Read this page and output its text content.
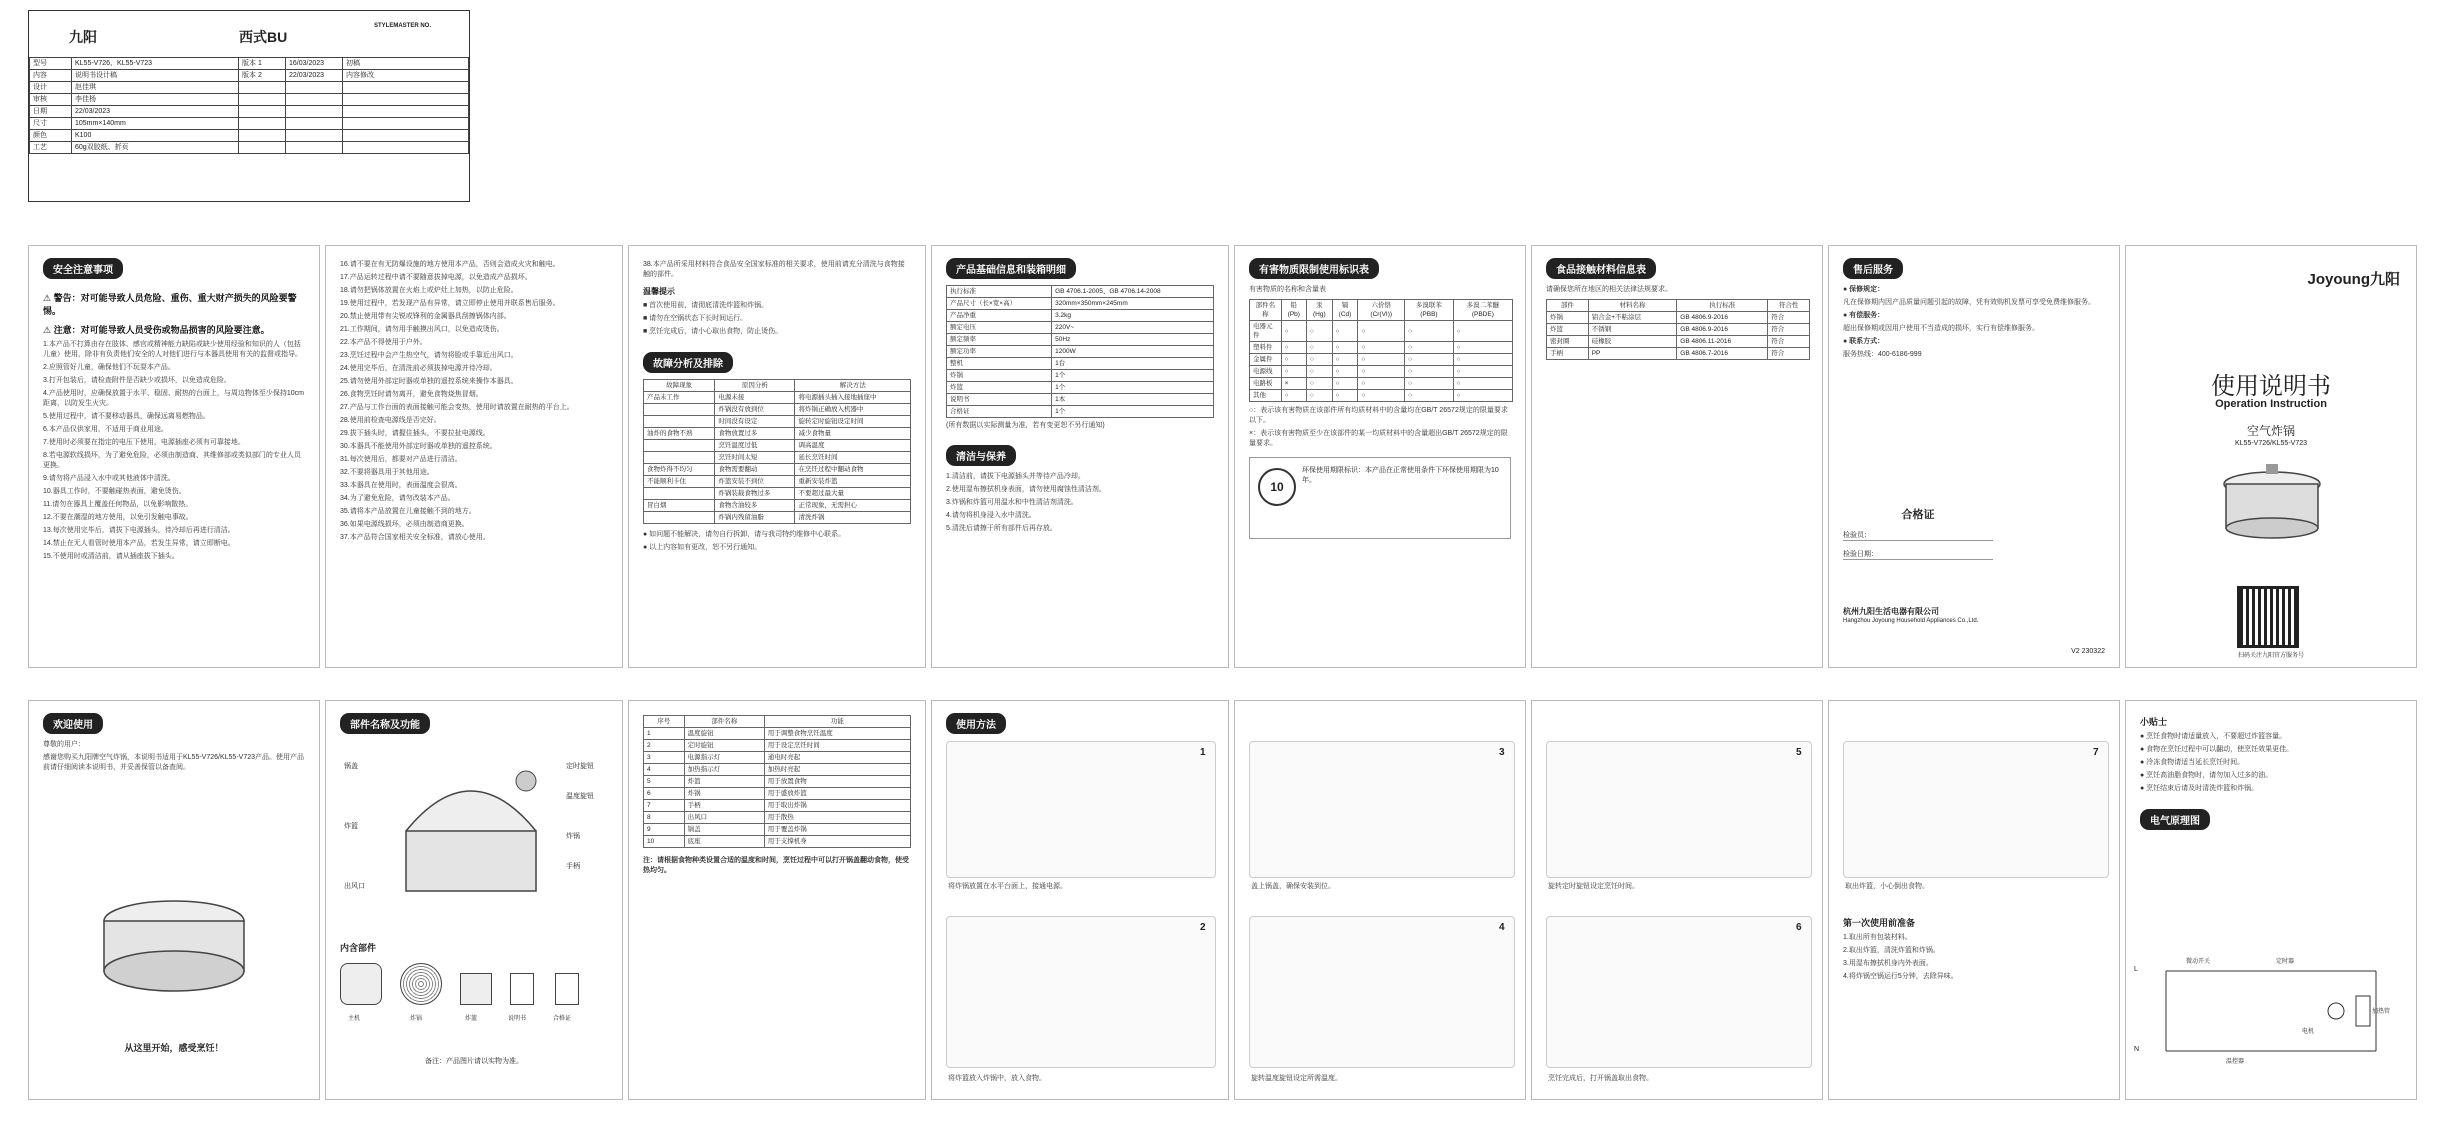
九阳	西式BU
STYLEMASTER NO.
型号	KL55-V726、KL55-V723	版本 1	16/03/2023	初稿
内容	说明书设计稿	版本 2	22/03/2023	内容修改
设计	赵佳琪			
审核	李佳杨			
日期	22/03/2023			
尺寸	105mm×140mm			
颜色	K100			
工艺	60g双胶纸、折页			
安全注意事项
⚠ 警告：对可能导致人员危险、重伤、重大财产损失的风险要警惕。
⚠ 注意：对可能导致人员受伤或物品损害的风险要注意。

1.本产品不打算由存在肢体、感官或精神能力缺陷或缺少使用经验和知识的人（包括儿童）使用，除非有负责他们安全的人对他们进行与本器具使用有关的监督或指导。

2.应照管好儿童，确保他们不玩耍本产品。

3.打开包装后，请检查附件是否缺少或损坏，以免造成危险。

4.产品使用时，应确保放置于水平、稳固、耐热的台面上，与周边物体至少保持10cm距离，以防发生火灾。

5.使用过程中，请不要移动器具，确保远离易燃物品。

6.本产品仅供家用，不适用于商业用途。

7.使用时必须要在指定的电压下使用，电源插座必须有可靠接地。

8.若电源软线损坏，为了避免危险，必须由制造商、其维修部或类似部门的专业人员更换。

9.请勿将产品浸入水中或其他液体中清洗。

10.器具工作时，不要触碰热表面，避免烫伤。

11.请勿在器具上覆盖任何物品，以免影响散热。

12.不要在潮湿的地方使用，以免引发触电事故。

13.每次使用完毕后，请拔下电源插头，待冷却后再进行清洁。

14.禁止在无人看管时使用本产品，若发生异常，请立即断电。

15.不使用时或清洁前，请从插座拔下插头。

16.请不要在有无防爆设施的地方使用本产品，否则会造成火灾和触电。

17.产品运转过程中请不要随意拔掉电源，以免造成产品损坏。

18.请勿把锅体放置在火焰上或炉灶上加热，以防止危险。

19.使用过程中，若发现产品有异常，请立即停止使用并联系售后服务。

20.禁止使用带有尖锐或锋利的金属器具刮擦锅体内部。

21.工作期间，请勿用手触摸出风口，以免造成烫伤。

22.本产品不得使用于户外。

23.烹饪过程中会产生热空气，请勿将脸或手靠近出风口。

24.使用完毕后，在清洗前必须拔掉电源并待冷却。

25.请勿使用外部定时器或单独的遥控系统来操作本器具。

26.食物烹饪时请勿离开，避免食物烧焦冒烟。

27.产品与工作台面的表面接触可能会变热，使用时请放置在耐热的平台上。

28.使用前检查电源线是否完好。

29.拔下插头时，请握住插头，不要拉扯电源线。

30.本器具不能使用外部定时器或单独的遥控系统。

31.每次使用后，都要对产品进行清洁。

32.不要将器具用于其他用途。

33.本器具在使用时，表面温度会很高。

34.为了避免危险，请勿改装本产品。

35.请将本产品放置在儿童接触不到的地方。

36.如果电源线损坏，必须由制造商更换。

37.本产品符合国家相关安全标准，请放心使用。

38.本产品所采用材料符合食品安全国家标准的相关要求，使用前请充分清洗与食物接触的部件。
温馨提示

■ 首次使用前，请彻底清洗炸篮和炸锅。

■ 请勿在空锅状态下长时间运行。

■ 烹饪完成后，请小心取出食物，防止烫伤。

故障分析及排除
故障现象	原因分析	解决方法
产品未工作	电源未接	将电源插头插入接地插座中
	炸锅没有放到位	将炸锅正确放入机器中
	时间没有设定	旋转定时旋钮设定时间
油炸的食物不熟	食物放置过多	减少食物量
	烹饪温度过低	调高温度
	烹饪时间太短	延长烹饪时间
食物炸得不均匀	食物需要翻动	在烹饪过程中翻动食物
不能顺利卡住	炸篮安装不到位	重新安装炸篮
	炸锅装载食物过多	不要超过最大量
冒白烟	食物含油较多	正常现象，无需担心
	炸锅内残留油脂	清洗炸锅

● 如问题不能解决，请勿自行拆卸，请与我司特约维修中心联系。

● 以上内容如有更改，恕不另行通知。

产品基础信息和装箱明细
执行标准	GB 4706.1-2005、GB 4706.14-2008
产品尺寸（长×宽×高）	320mm×350mm×245mm
产品净重	3.2kg
额定电压	220V~
额定频率	50Hz
额定功率	1200W
整机	1台
炸锅	1个
炸篮	1个
说明书	1本
合格证	1个
(所有数据以实际测量为准，若有变更恕不另行通知)
清洁与保养

1.清洁前，请拔下电源插头并等待产品冷却。

2.使用湿布擦拭机身表面，请勿使用腐蚀性清洁剂。

3.炸锅和炸篮可用温水和中性清洁剂清洗。

4.请勿将机身浸入水中清洗。

5.清洗后请擦干所有部件后再存放。

有害物质限制使用标识表
有害物质的名称和含量表
部件名称	铅(Pb)	汞(Hg)	镉(Cd)	六价铬(Cr(VI))	多溴联苯(PBB)	多溴二苯醚(PBDE)
电器元件	○	○	○	○	○	○
塑料件	○	○	○	○	○	○
金属件	○	○	○	○	○	○
电源线	○	○	○	○	○	○
电路板	×	○	○	○	○	○
其他	○	○	○	○	○	○

○：表示该有害物质在该部件所有均质材料中的含量均在GB/T 26572规定的限量要求以下。

×：表示该有害物质至少在该部件的某一均质材料中的含量超出GB/T 26572规定的限量要求。

10
环保使用期限标识：本产品在正常使用条件下环保使用期限为10年。
食品接触材料信息表
请确保您所在地区的相关法律法规要求。
部件	材料名称	执行标准	符合性
炸锅	铝合金+不粘涂层	GB 4806.9-2016	符合
炸篮	不锈钢	GB 4806.9-2016	符合
密封圈	硅橡胶	GB 4806.11-2016	符合
手柄	PP	GB 4806.7-2016	符合
售后服务

● 保修规定：

凡在保修期内因产品质量问题引起的故障，凭有效购机发票可享受免费维修服务。

● 有偿服务：

超出保修期或因用户使用不当造成的损坏，实行有偿维修服务。

● 联系方式：

服务热线：400-6186-999

合格证
检验员：
检验日期：
杭州九阳生活电器有限公司
Hangzhou Joyoung Household Appliances Co.,Ltd.
V2 230322
Joyoung九阳
使用说明书
Operation Instruction
空气炸锅
KL55-V726/KL55-V723
扫码关注九阳官方服务号
欢迎使用

尊敬的用户：

感谢您购买九阳牌空气炸锅，本说明书适用于KL55-V726/KL55-V723产品。使用产品前请仔细阅读本说明书，并妥善保管以备查阅。

从这里开始，感受烹饪！
部件名称及功能
锅盖	定时旋钮
温度旋钮
炸篮
炸锅
手柄
出风口
内含部件
主机	炸锅	炸篮	说明书	合格证
备注：产品图片请以实物为准。
序号	部件名称	功能
1	温度旋钮	用于调整食物烹饪温度
2	定时旋钮	用于设定烹饪时间
3	电源指示灯	通电时亮起
4	加热指示灯	加热时亮起
5	炸篮	用于放置食物
6	炸锅	用于盛放炸篮
7	手柄	用于取出炸锅
8	出风口	用于散热
9	锅盖	用于覆盖炸锅
10	底座	用于支撑机身
注：请根据食物种类设置合适的温度和时间，烹饪过程中可以打开锅盖翻动食物，使受热均匀。
使用方法
1
将炸锅放置在水平台面上，接通电源。
2
将炸篮放入炸锅中，放入食物。
3
盖上锅盖，确保安装到位。
4
旋转温度旋钮设定所需温度。
5
旋转定时旋钮设定烹饪时间。
6
烹饪完成后，打开锅盖取出食物。
7
取出炸篮，小心倒出食物。
第一次使用前准备

1.取出所有包装材料。

2.取出炸篮，清洗炸篮和炸锅。

3.用湿布擦拭机身内外表面。

4.将炸锅空锅运行5分钟，去除异味。

小贴士

● 烹饪食物时请适量放入，不要超过炸篮容量。

● 食物在烹饪过程中可以翻动，使烹饪效果更佳。

● 冷冻食物请适当延长烹饪时间。

● 烹饪高油脂食物时，请勿加入过多的油。

● 烹饪结束后请及时清洗炸篮和炸锅。

电气原理图
微动开关	定时器
温控器
电机
加热管
L
N
